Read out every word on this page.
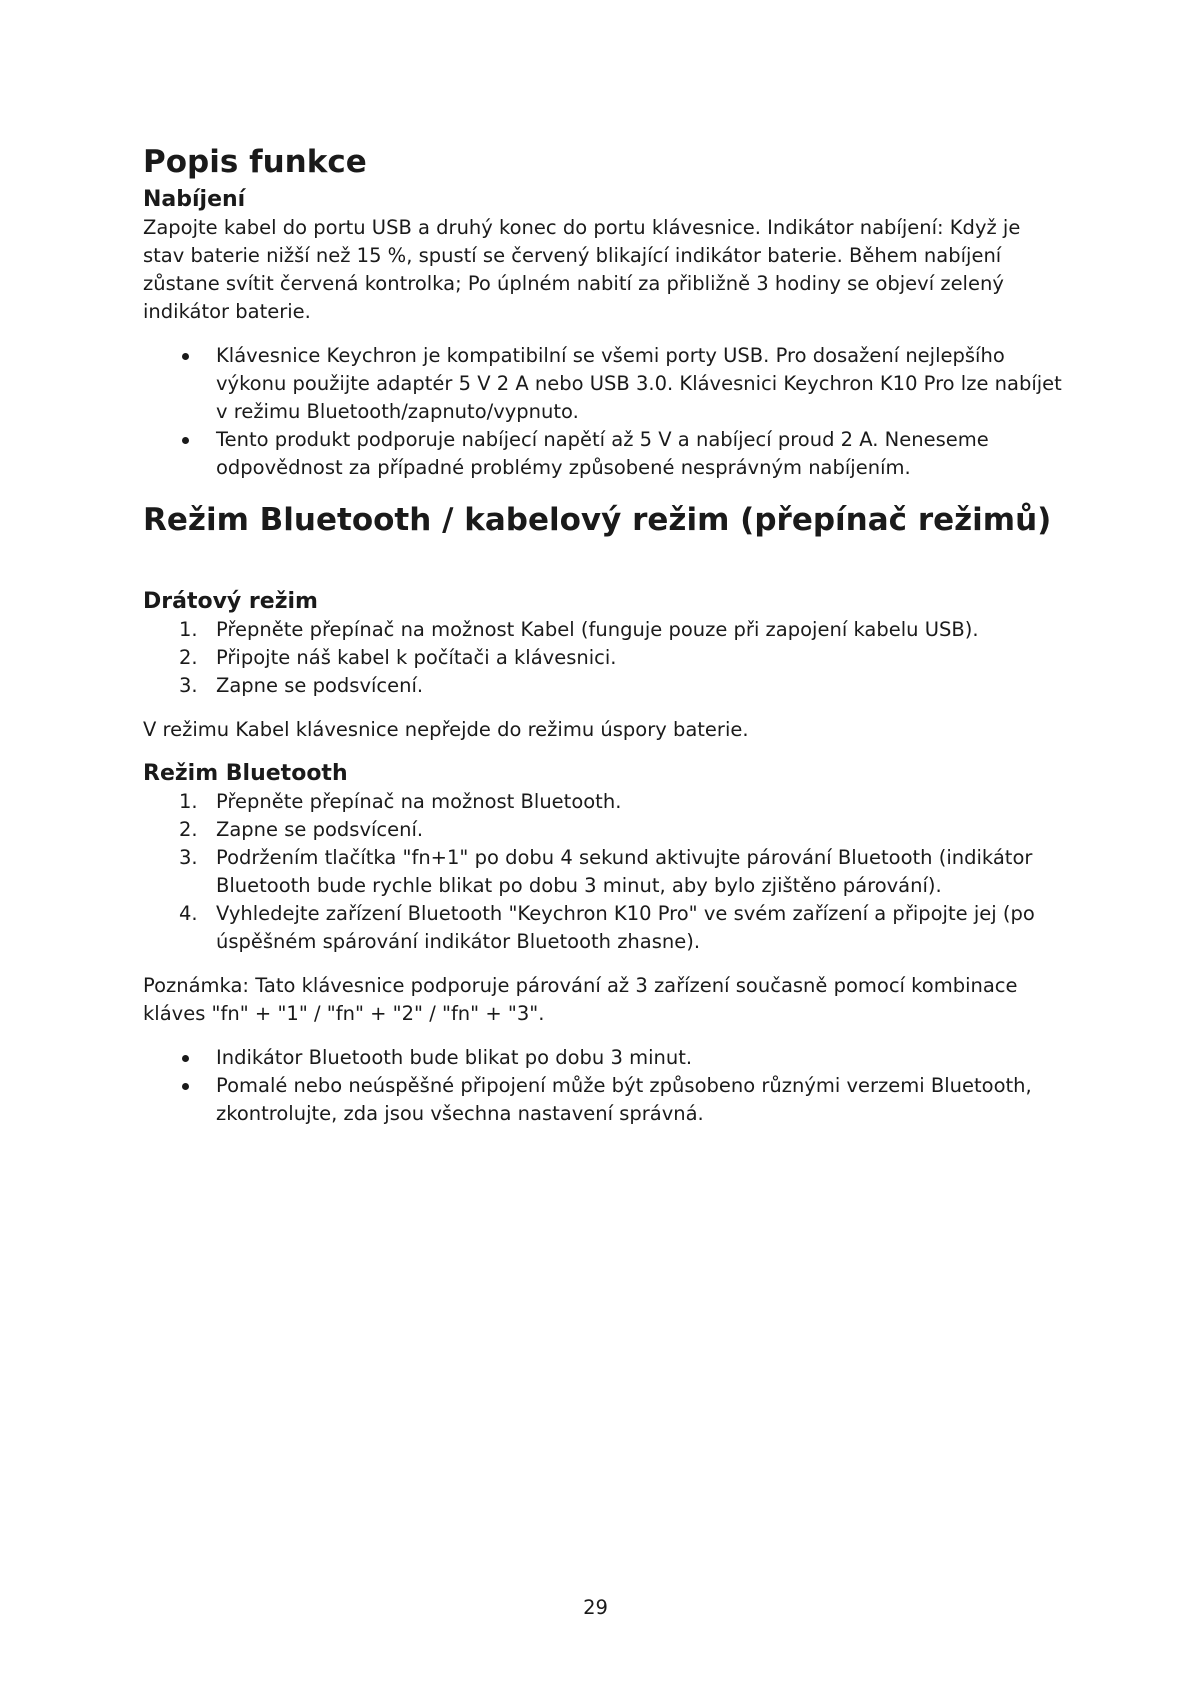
Popis funkce
Nabíjení

Zapojte kabel do portu USB a druhý konec do portu klávesnice. Indikátor nabíjení: Když je stav baterie nižší než 15 %, spustí se červený blikající indikátor baterie. Během nabíjení zůstane svítit červená kontrolka; Po úplném nabití za přibližně 3 hodiny se objeví zelený indikátor baterie.

Klávesnice Keychron je kompatibilní se všemi porty USB. Pro dosažení nejlepšího výkonu použijte adaptér 5 V 2 A nebo USB 3.0. Klávesnici Keychron K10 Pro lze nabíjet v režimu Bluetooth/zapnuto/vypnuto.
Tento produkt podporuje nabíjecí napětí až 5 V a nabíjecí proud 2 A. Neneseme odpovědnost za případné problémy způsobené nesprávným nabíjením.
Režim Bluetooth / kabelový režim (přepínač režimů)
Drátový režim
1. Přepněte přepínač na možnost Kabel (funguje pouze při zapojení kabelu USB).
2. Připojte náš kabel k počítači a klávesnici.
3. Zapne se podsvícení.

V režimu Kabel klávesnice nepřejde do režimu úspory baterie.

Režim Bluetooth
1. Přepněte přepínač na možnost Bluetooth.
2. Zapne se podsvícení.
3. Podržením tlačítka "fn+1" po dobu 4 sekund aktivujte párování Bluetooth (indikátor Bluetooth bude rychle blikat po dobu 3 minut, aby bylo zjištěno párování).
4. Vyhledejte zařízení Bluetooth "Keychron K10 Pro" ve svém zařízení a připojte jej (po úspěšném spárování indikátor Bluetooth zhasne).

Poznámka: Tato klávesnice podporuje párování až 3 zařízení současně pomocí kombinace kláves "fn" + "1" / "fn" + "2" / "fn" + "3".

Indikátor Bluetooth bude blikat po dobu 3 minut.
Pomalé nebo neúspěšné připojení může být způsobeno různými verzemi Bluetooth, zkontrolujte, zda jsou všechna nastavení správná.
29
